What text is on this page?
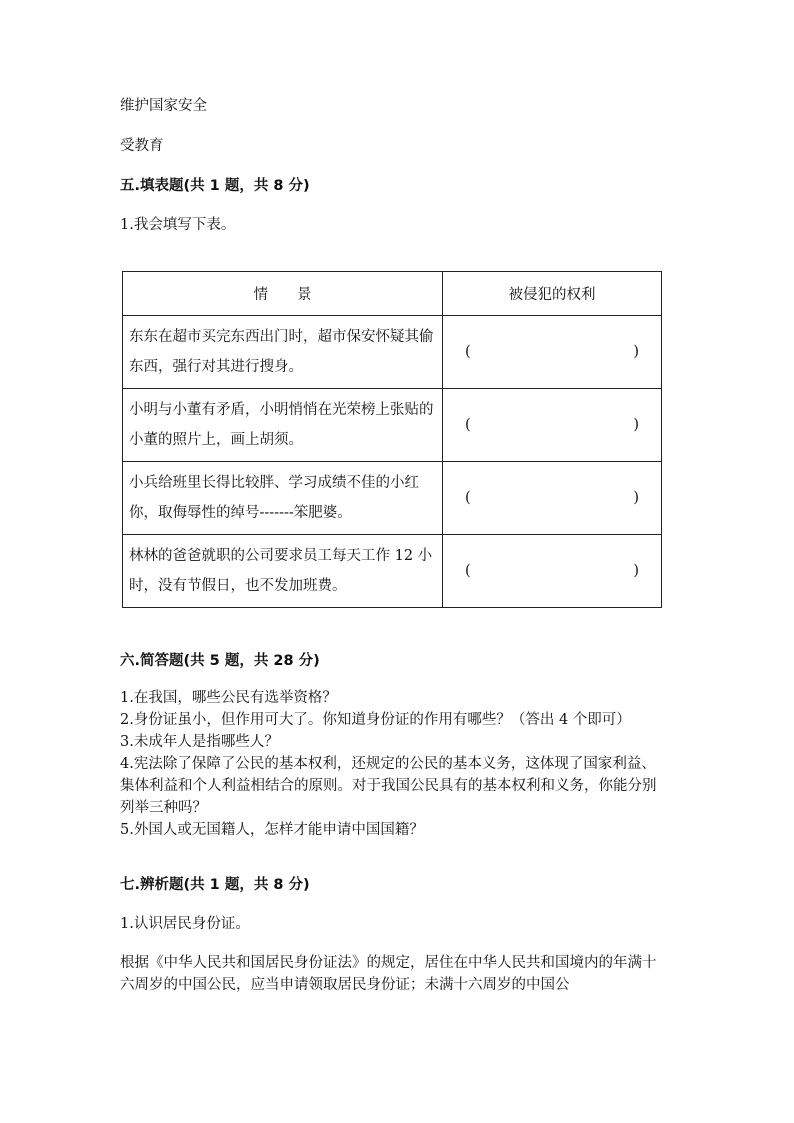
维护国家安全
受教育
五.填表题(共 1 题，共 8 分)
1.我会填写下表。
情　　景	被侵犯的权利
东东在超市买完东西出门时，超市保安怀疑其偷东西，强行对其进行搜身。	( )

小明与小董有矛盾，小明悄悄在光荣榜上张贴的小董的照片上，画上胡须。	( )

小兵给班里长得比较胖、学习成绩不佳的小红你，取侮辱性的绰号-------笨肥婆。	( )

林林的爸爸就职的公司要求员工每天工作 12 小时，没有节假日，也不发加班费。	( )
六.简答题(共 5 题，共 28 分)
1.在我国，哪些公民有选举资格？
2.身份证虽小，但作用可大了。你知道身份证的作用有哪些？（答出 4 个即可）
3.未成年人是指哪些人？
4.宪法除了保障了公民的基本权利，还规定的公民的基本义务，这体现了国家利益、集体利益和个人利益相结合的原则。对于我国公民具有的基本权利和义务，你能分别列举三种吗？
5.外国人或无国籍人，怎样才能申请中国国籍？
七.辨析题(共 1 题，共 8 分)
1.认识居民身份证。
根据《中华人民共和国居民身份证法》的规定，居住在中华人民共和国境内的年满十六周岁的中国公民，应当申请领取居民身份证；未满十六周岁的中国公
